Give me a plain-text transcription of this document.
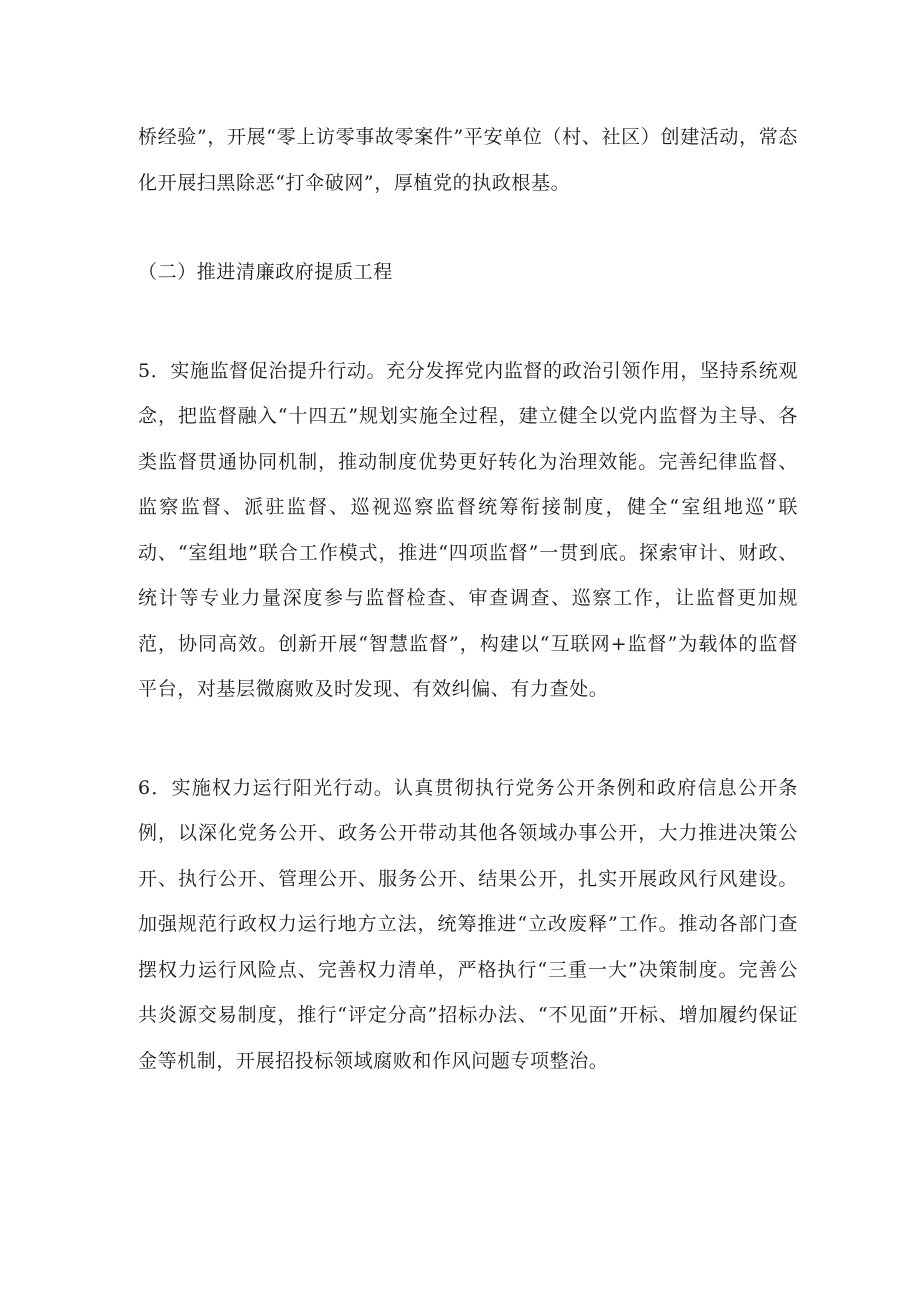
桥经验”，开展“零上访零事故零案件”平安单位（村、社区）创建活动，常态化开展扫黑除恶“打伞破网”，厚植党的执政根基。

（二）推进清廉政府提质工程

5．实施监督促治提升行动。充分发挥党内监督的政治引领作用，坚持系统观念，把监督融入“十四五”规划实施全过程，建立健全以党内监督为主导、各类监督贯通协同机制，推动制度优势更好转化为治理效能。完善纪律监督、监察监督、派驻监督、巡视巡察监督统筹衔接制度，健全“室组地巡”联动、“室组地”联合工作模式，推进“四项监督”一贯到底。探索审计、财政、统计等专业力量深度参与监督检查、审查调查、巡察工作，让监督更加规范，协同高效。创新开展“智慧监督”，构建以“互联网+监督”为载体的监督平台，对基层微腐败及时发现、有效纠偏、有力查处。

6．实施权力运行阳光行动。认真贯彻执行党务公开条例和政府信息公开条例，以深化党务公开、政务公开带动其他各领域办事公开，大力推进决策公开、执行公开、管理公开、服务公开、结果公开，扎实开展政风行风建设。加强规范行政权力运行地方立法，统筹推进“立改废释”工作。推动各部门查摆权力运行风险点、完善权力清单，严格执行“三重一大”决策制度。完善公共炎源交易制度，推行“评定分高”招标办法、“不见面”开标、增加履约保证金等机制，开展招投标领域腐败和作风问题专项整治。
